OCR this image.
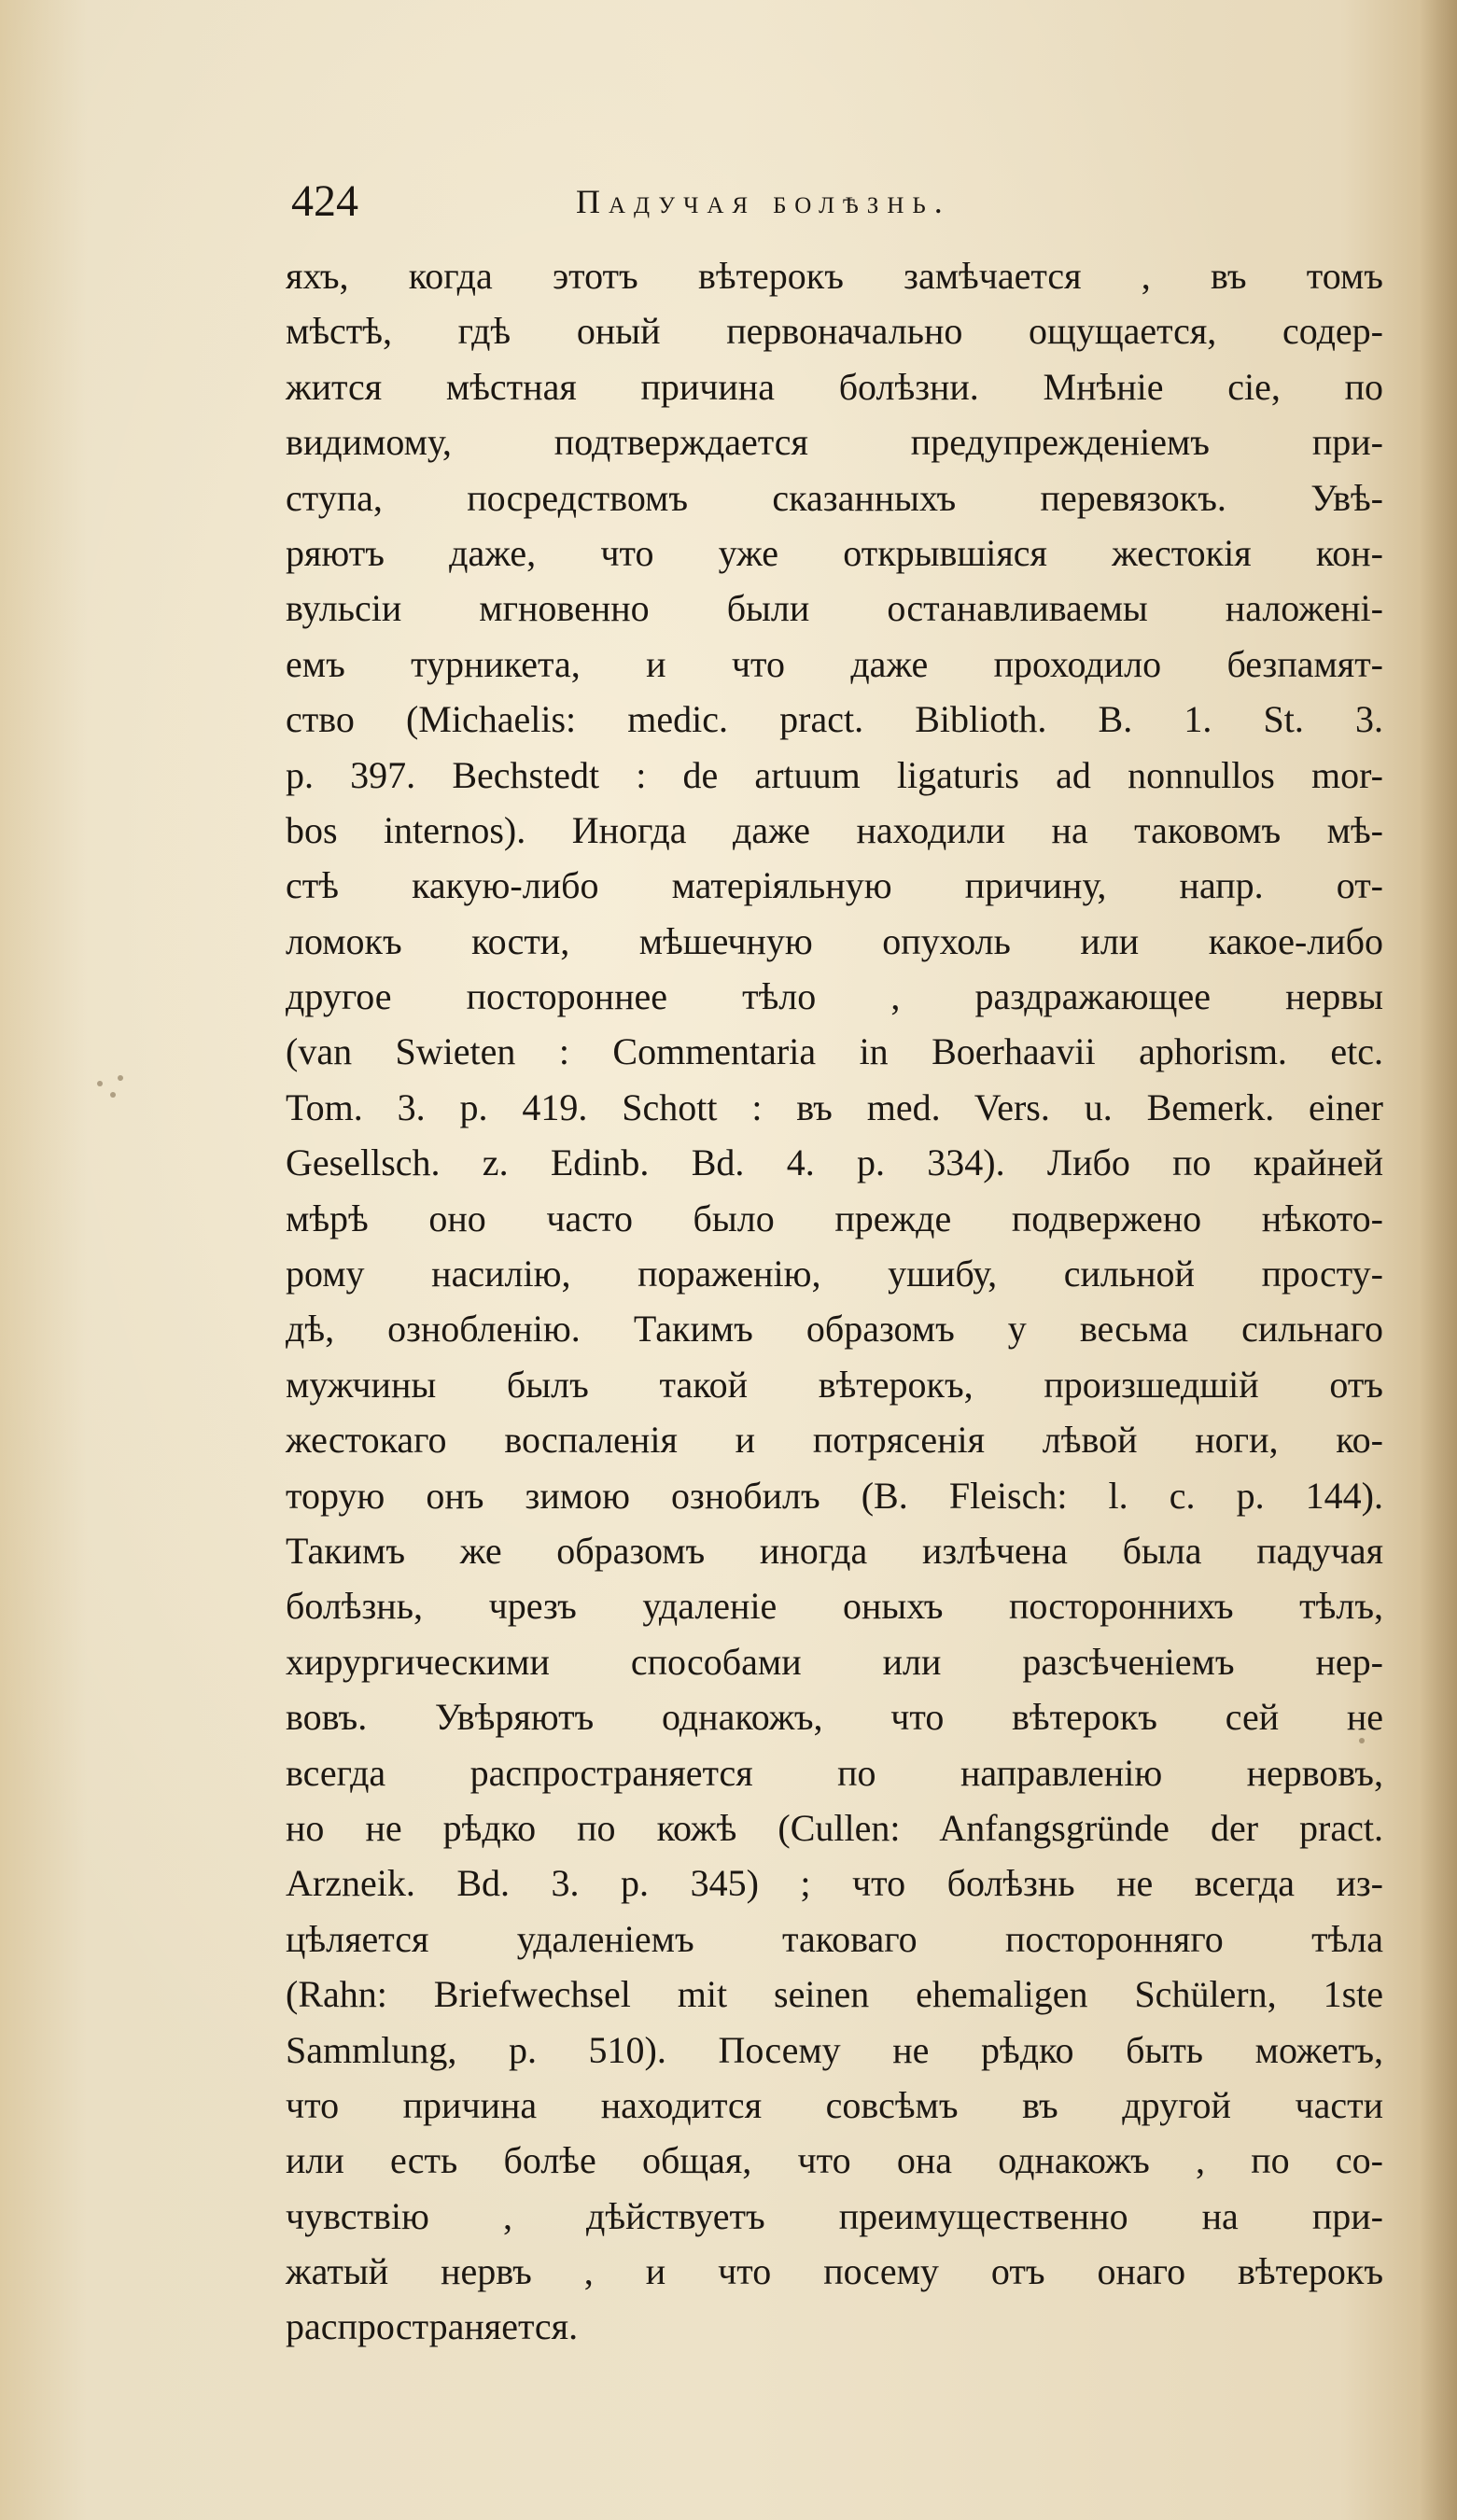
424	Падучая болѣзнь.
яхъ, когда этотъ вѣтерокъ замѣчается , въ томъ
мѣстѣ, гдѣ оный первоначально ощущается, содер-
жится мѣстная причина болѣзни. Мнѣніе сіе, по
видимому, подтверждается предупрежденіемъ при-
ступа, посредствомъ сказанныхъ перевязокъ. Увѣ-
ряютъ даже, что уже открывшіяся жестокія кон-
вульсіи мгновенно были останавливаемы наложені-
емъ турникета, и что даже проходило безпамят-
ство (Michaelis: medic. pract. Biblioth. B. 1. St. 3.
p. 397. Bechstedt : de artuum ligaturis ad nonnullos mor-
bos internos). Иногда даже находили на таковомъ мѣ-
стѣ какую-либо матеріяльную причину, напр. от-
ломокъ кости, мѣшечную опухоль или какое-либо
другое постороннее тѣло , раздражающее нервы
(van Swieten : Commentaria in Boerhaavii aphorism. etc.
Tom. 3. p. 419. Schott : въ med. Vers. u. Bemerk. einer
Gesellsch. z. Edinb. Bd. 4. p. 334). Либо по крайней
мѣрѣ оно часто было прежде подвержено нѣкото-
рому насилію, пораженію, ушибу, сильной просту-
дѣ, ознобленію. Такимъ образомъ у весьма сильнаго
мужчины былъ такой вѣтерокъ, произшедшій отъ
жестокаго воспаленія и потрясенія лѣвой ноги, ко-
торую онъ зимою ознобилъ (B. Fleisch: l. c. p. 144).
Такимъ же образомъ иногда излѣчена была падучая
болѣзнь, чрезъ удаленіе оныхъ постороннихъ тѣлъ,
хирургическими способами или разсѣченіемъ нер-
вовъ. Увѣряютъ однакожъ, что вѣтерокъ сей не
всегда распространяется по направленію нервовъ,
но не рѣдко по кожѣ (Cullen: Anfangsgründe der pract.
Arzneik. Bd. 3. p. 345) ; что болѣзнь не всегда из-
цѣляется удаленіемъ таковаго посторонняго тѣла
(Rahn: Briefwechsel mit seinen ehemaligen Schülern, 1ste
Sammlung, p. 510). Посему не рѣдко быть можетъ,
что причина находится совсѣмъ въ другой части
или есть болѣе общая, что она однакожъ , по со-
чувствію , дѣйствуетъ преимущественно на при-
жатый нервъ , и что посему отъ онаго вѣтерокъ
распространяется.
